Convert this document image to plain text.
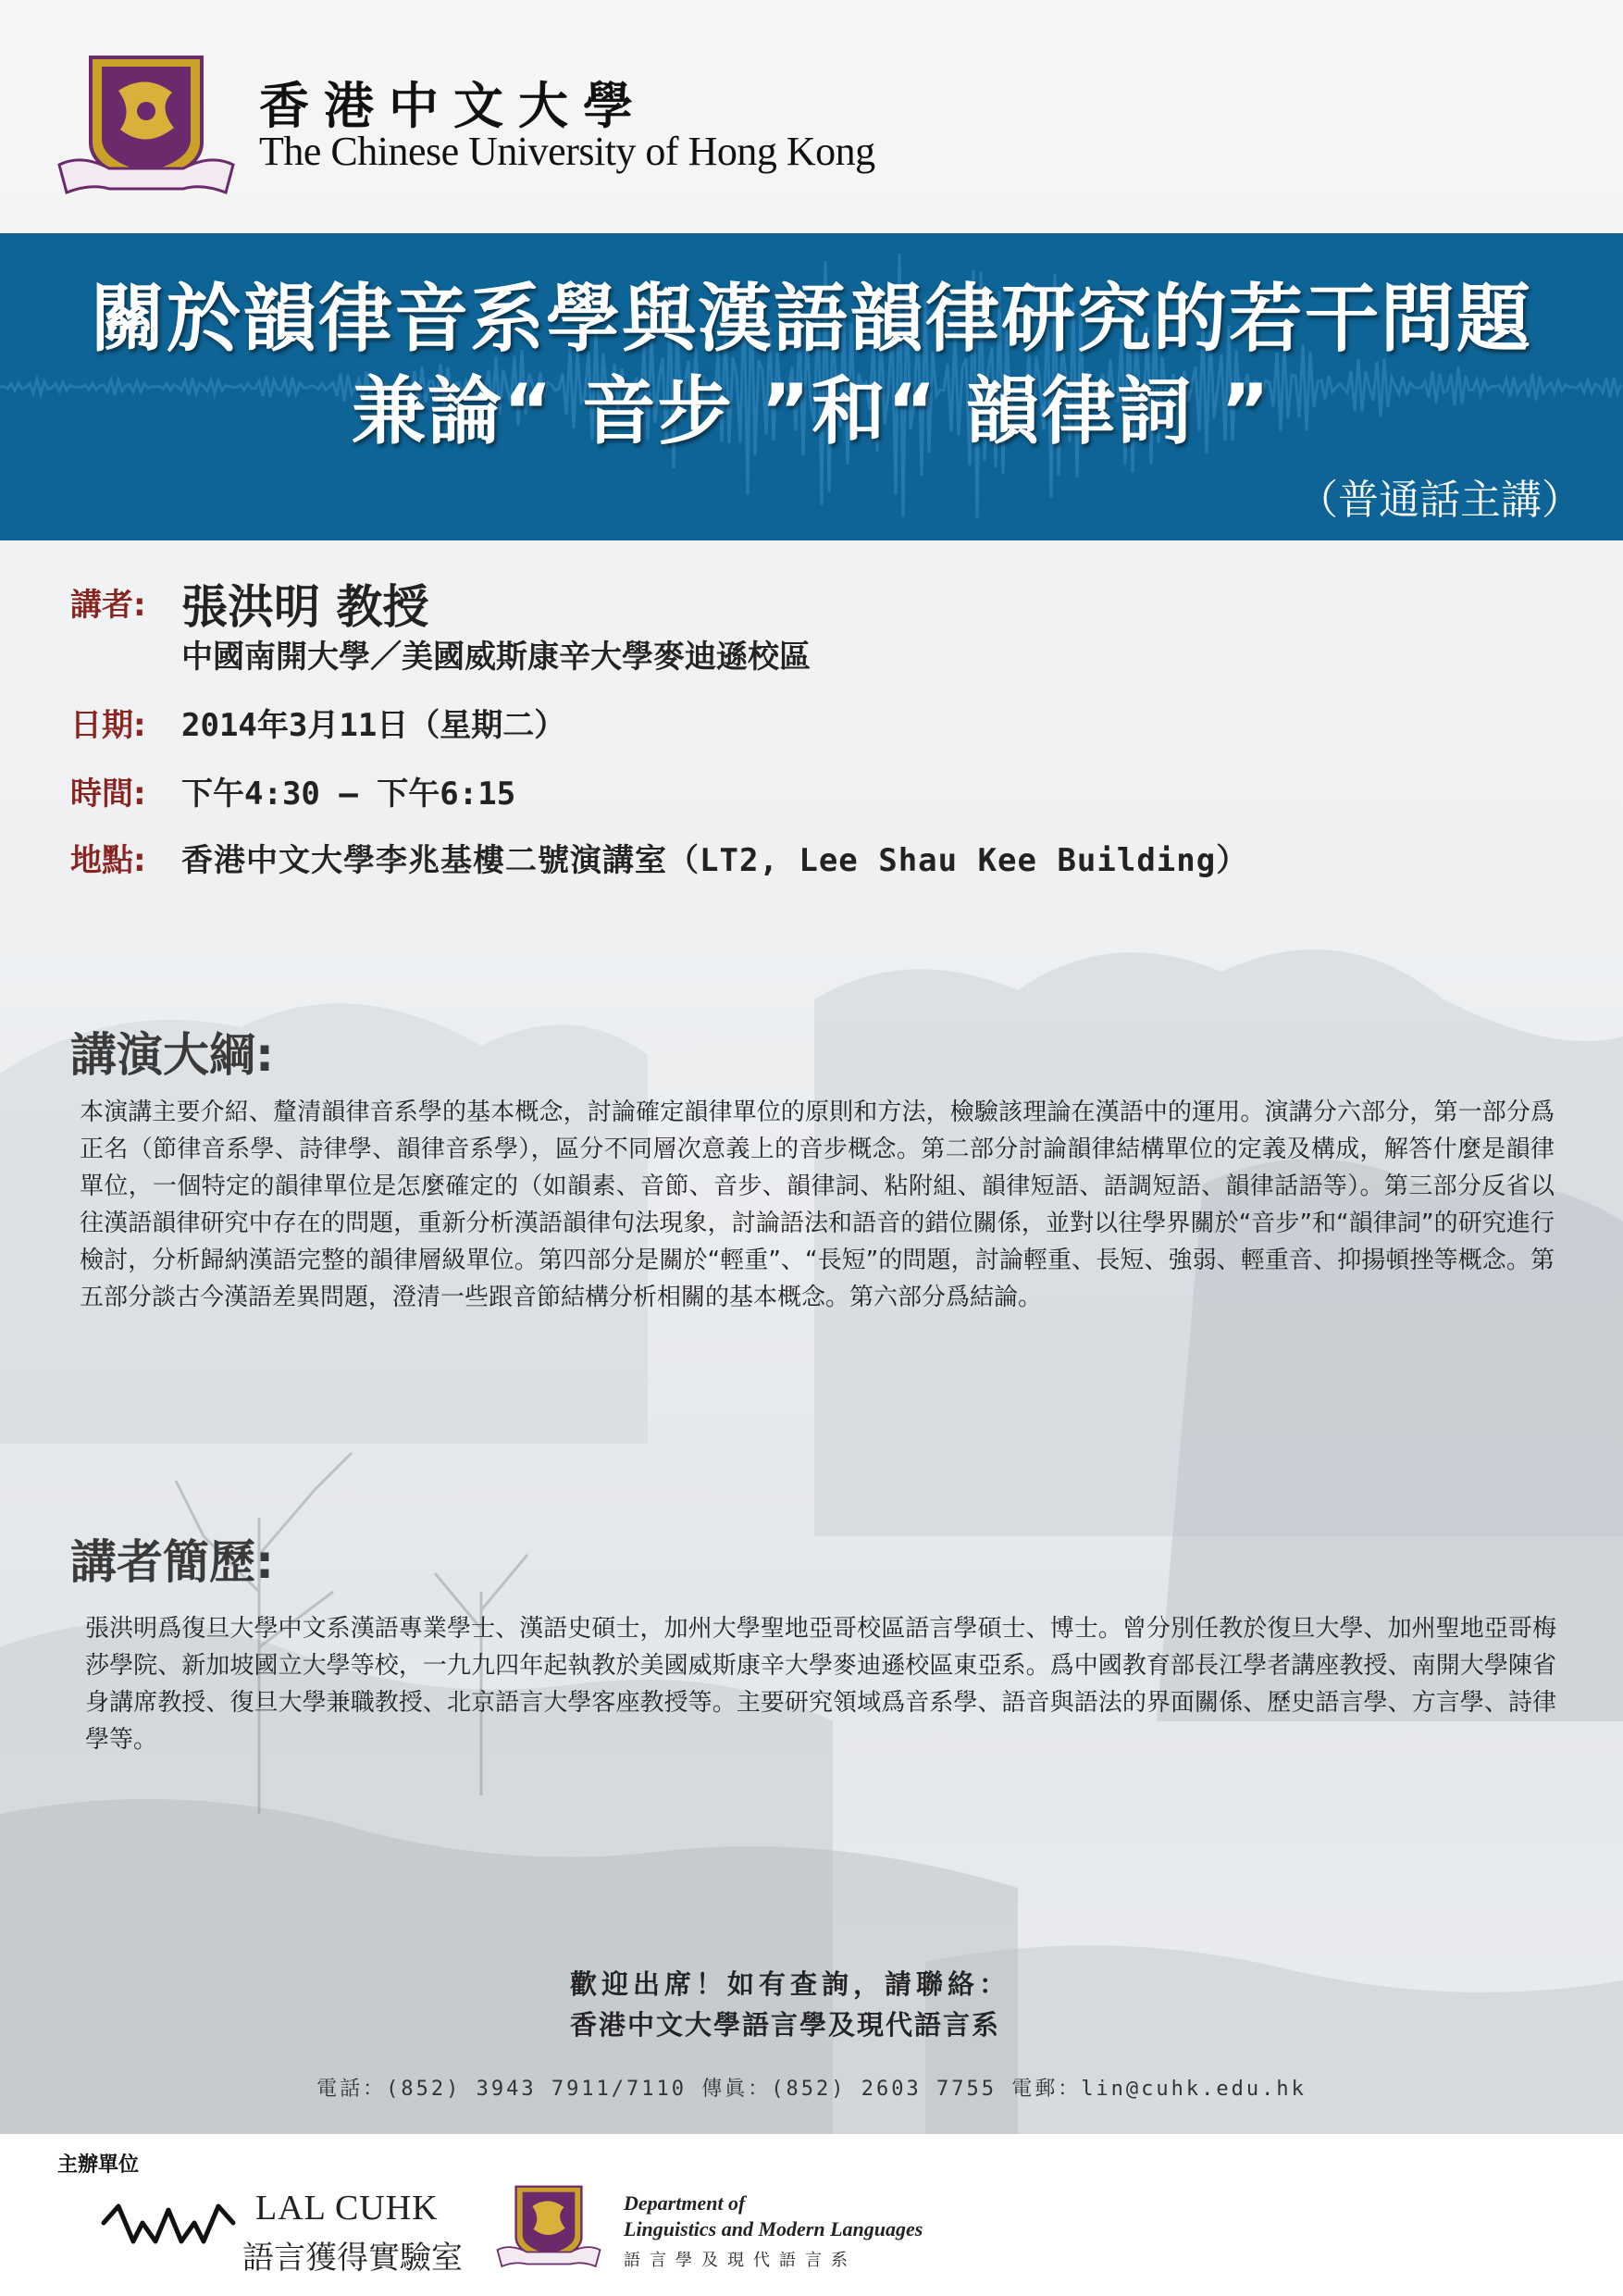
香港中文大學
The Chinese University of Hong Kong
關於韻律音系學與漢語韻律研究的若干問題
兼論“ 音步 ”和“ 韻律詞 ”
（普通話主講）
講者: 張洪明 教授
中國南開大學／美國威斯康辛大學麥迪遜校區
日期: 2014年3月11日（星期二）
時間: 下午4:30 – 下午6:15
地點: 香港中文大學李兆基樓二號演講室（LT2, Lee Shau Kee Building）
講演大綱:
本演講主要介紹、釐清韻律音系學的基本概念，討論確定韻律單位的原則和方法，檢驗該理論在漢語中的運用。演講分六部分，第一部分爲正名（節律音系學、詩律學、韻律音系學），區分不同層次意義上的音步概念。第二部分討論韻律結構單位的定義及構成，解答什麼是韻律單位，一個特定的韻律單位是怎麼確定的（如韻素、音節、音步、韻律詞、粘附組、韻律短語、語調短語、韻律話語等）。第三部分反省以往漢語韻律研究中存在的問題，重新分析漢語韻律句法現象，討論語法和語音的錯位關係，並對以往學界關於“音步”和“韻律詞”的研究進行檢討，分析歸納漢語完整的韻律層級單位。第四部分是關於“輕重”、“長短”的問題，討論輕重、長短、強弱、輕重音、抑揚頓挫等概念。第五部分談古今漢語差異問題，澄清一些跟音節結構分析相關的基本概念。第六部分爲結論。
講者簡歷:
張洪明爲復旦大學中文系漢語專業學士、漢語史碩士，加州大學聖地亞哥校區語言學碩士、博士。曾分別任教於復旦大學、加州聖地亞哥梅莎學院、新加坡國立大學等校，一九九四年起執教於美國威斯康辛大學麥迪遜校區東亞系。爲中國教育部長江學者講座教授、南開大學陳省身講席教授、復旦大學兼職教授、北京語言大學客座教授等。主要研究領域爲音系學、語音與語法的界面關係、歷史語言學、方言學、詩律學等。
歡迎出席！如有查詢，請聯絡：
香港中文大學語言學及現代語言系
電話：(852) 3943 7911/7110 傳眞：(852) 2603 7755 電郵：lin@cuhk.edu.hk
主辦單位
LAL CUHK
語言獲得實驗室
Department of
Linguistics and Modern Languages
語言學及現代語言系
